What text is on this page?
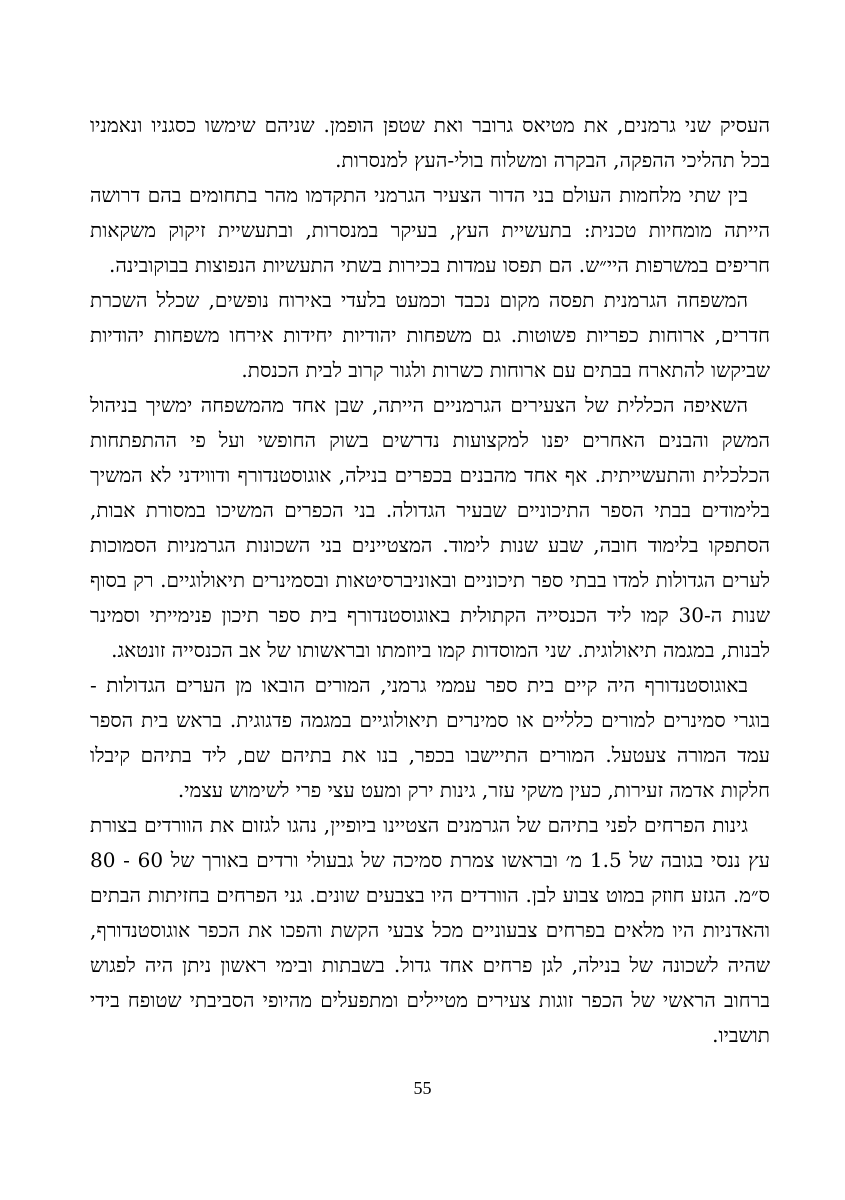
העסיק שני גרמנים, את מטיאס גרובר ואת שטפן הופמן. שניהם שימשו כסגניו ונאמניו בכל תהליכי ההפקה, הבקרה ומשלוח בולי-העץ למנסרות.

בין שתי מלחמות העולם בני הדור הצעיר הגרמני התקדמו מהר בתחומים בהם דרושה הייתה מומחיות טכנית: בתעשיית העץ, בעיקר במנסרות, ובתעשיית זיקוק משקאות חריפים במשרפות היי״ש. הם תפסו עמדות בכירות בשתי התעשיות הנפוצות בבוקובינה.

המשפחה הגרמנית תפסה מקום נכבד וכמעט בלעדי באירוח נופשים, שכלל השכרת חדרים, ארוחות כפריות פשוטות. גם משפחות יהודיות יחידות אירחו משפחות יהודיות שביקשו להתארח בבתים עם ארוחות כשרות ולגור קרוב לבית הכנסת.

השאיפה הכללית של הצעירים הגרמניים הייתה, שבן אחד מהמשפחה ימשיך בניהול המשק והבנים האחרים יפנו למקצועות נדרשים בשוק החופשי ועל פי ההתפתחות הכלכלית והתעשייתית. אף אחד מהבנים בכפרים בנילה, אוגוסטנדורף ודווידני לא המשיך בלימודים בבתי הספר התיכוניים שבעיר הגדולה. בני הכפרים המשיכו במסורת אבות, הסתפקו בלימוד חובה, שבע שנות לימוד. המצטיינים בני השכונות הגרמניות הסמוכות לערים הגדולות למדו בבתי ספר תיכוניים ובאוניברסיטאות ובסמינרים תיאולוגיים. רק בסוף שנות ה-30 קמו ליד הכנסייה הקתולית באוגוסטנדורף בית ספר תיכון פנימייתי וסמינר לבנות, במגמה תיאולוגית. שני המוסדות קמו ביוזמתו ובראשותו של אב הכנסייה זונטאג.

באוגוסטנדורף היה קיים בית ספר עממי גרמני, המורים הובאו מן הערים הגדולות - בוגרי סמינרים למורים כלליים או סמינרים תיאולוגיים במגמה פדגוגית. בראש בית הספר עמד המורה צעטעל. המורים התיישבו בכפר, בנו את בתיהם שם, ליד בתיהם קיבלו חלקות אדמה זעירות, כעין משקי עזר, גינות ירק ומעט עצי פרי לשימוש עצמי.

גינות הפרחים לפני בתיהם של הגרמנים הצטיינו ביופיין, נהגו לגזום את הוורדים בצורת עץ ננסי בגובה של 1.5 מ׳ ובראשו צמרת סמיכה של גבעולי ורדים באורך של 60 - 80 ס״מ. הגזע חוזק במוט צבוע לבן. הוורדים היו בצבעים שונים. גני הפרחים בחזיתות הבתים והאדניות היו מלאים בפרחים צבעוניים מכל צבעי הקשת והפכו את הכפר אוגוסטנדורף, שהיה לשכונה של בנילה, לגן פרחים אחד גדול. בשבתות ובימי ראשון ניתן היה לפגוש ברחוב הראשי של הכפר זוגות צעירים מטיילים ומתפעלים מהיופי הסביבתי שטופח בידי תושביו.

55
